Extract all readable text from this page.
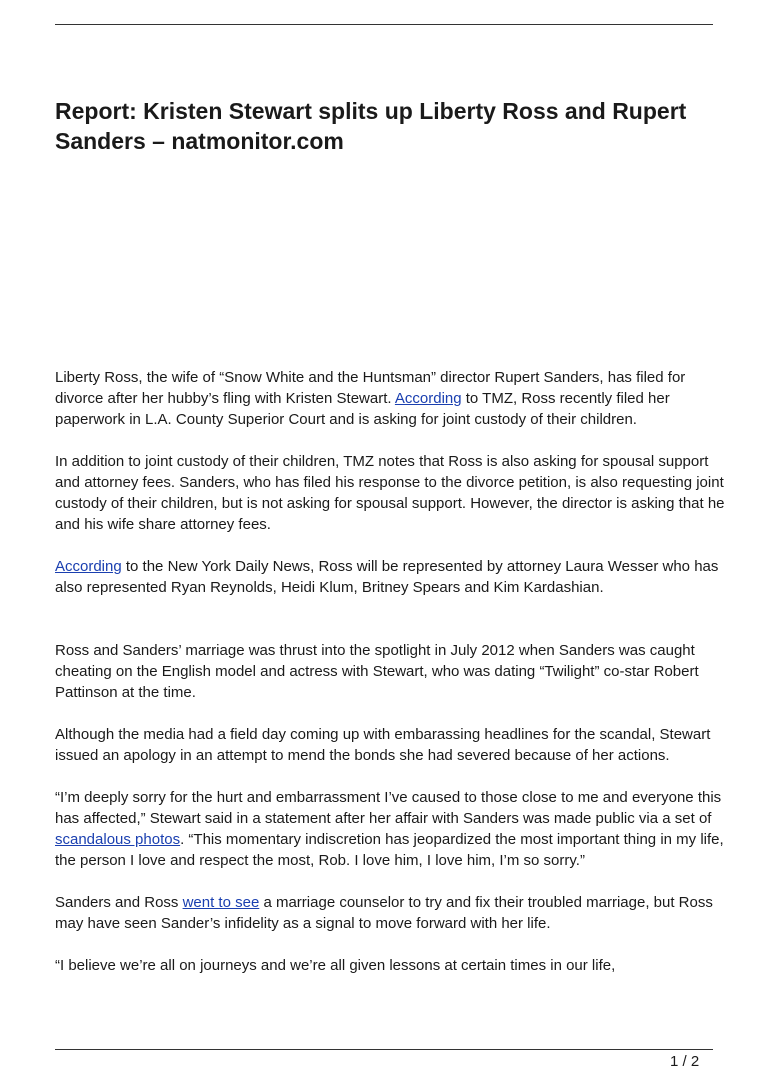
Report: Kristen Stewart splits up Liberty Ross and Rupert Sanders – natmonitor.com

Liberty Ross, the wife of “Snow White and the Huntsman” director Rupert Sanders, has filed for divorce after her hubby’s fling with Kristen Stewart. According to TMZ, Ross recently filed her paperwork in L.A. County Superior Court and is asking for joint custody of their children.

In addition to joint custody of their children, TMZ notes that Ross is also asking for spousal support and attorney fees. Sanders, who has filed his response to the divorce petition, is also requesting joint custody of their children, but is not asking for spousal support. However, the director is asking that he and his wife share attorney fees.

According to the New York Daily News, Ross will be represented by attorney Laura Wesser who has also represented Ryan Reynolds, Heidi Klum, Britney Spears and Kim Kardashian.

Ross and Sanders’ marriage was thrust into the spotlight in July 2012 when Sanders was caught cheating on the English model and actress with Stewart, who was dating “Twilight” co-star Robert Pattinson at the time.

Although the media had a field day coming up with embarassing headlines for the scandal, Stewart issued an apology in an attempt to mend the bonds she had severed because of her actions.

“I’m deeply sorry for the hurt and embarrassment I’ve caused to those close to me and everyone this has affected,” Stewart said in a statement after her affair with Sanders was made public via a set of scandalous photos. “This momentary indiscretion has jeopardized the most important thing in my life, the person I love and respect the most, Rob. I love him, I love him, I’m so sorry.”

Sanders and Ross went to see a marriage counselor to try and fix their troubled marriage, but Ross may have seen Sander’s infidelity as a signal to move forward with her life.

“I believe we’re all on journeys and we’re all given lessons at certain times in our life,

1 / 2
